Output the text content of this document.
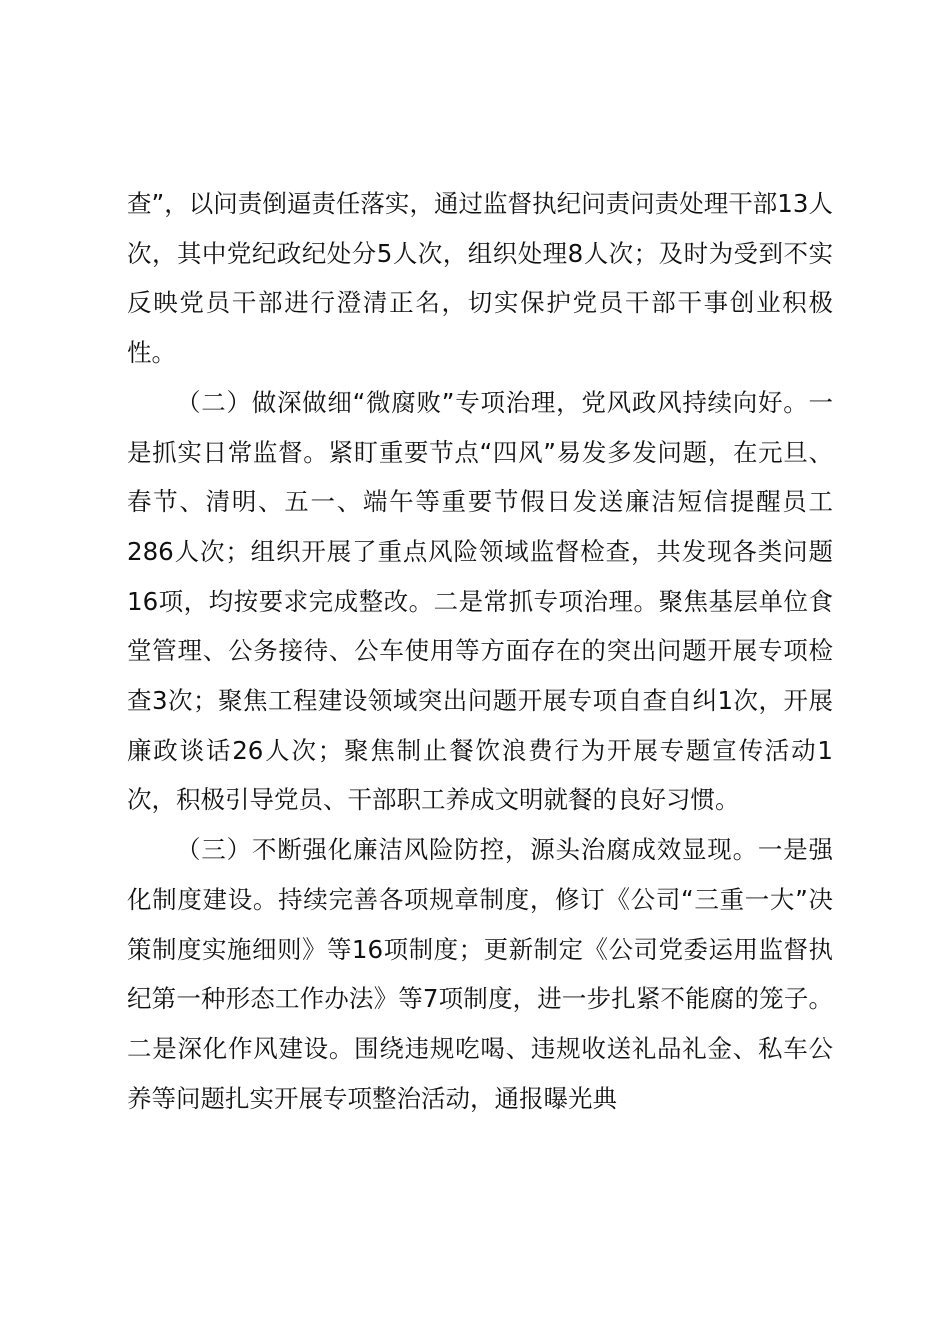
查”，以问责倒逼责任落实，通过监督执纪问责问责处理干部13人次，其中党纪政纪处分5人次，组织处理8人次；及时为受到不实反映党员干部进行澄清正名，切实保护党员干部干事创业积极性。

（二）做深做细“微腐败”专项治理，党风政风持续向好。一是抓实日常监督。紧盯重要节点“四风”易发多发问题，在元旦、春节、清明、五一、端午等重要节假日发送廉洁短信提醒员工286人次；组织开展了重点风险领域监督检查，共发现各类问题16项，均按要求完成整改。二是常抓专项治理。聚焦基层单位食堂管理、公务接待、公车使用等方面存在的突出问题开展专项检查3次；聚焦工程建设领域突出问题开展专项自查自纠1次，开展廉政谈话26人次；聚焦制止餐饮浪费行为开展专题宣传活动1次，积极引导党员、干部职工养成文明就餐的良好习惯。

（三）不断强化廉洁风险防控，源头治腐成效显现。一是强化制度建设。持续完善各项规章制度，修订《公司“三重一大”决策制度实施细则》等16项制度；更新制定《公司党委运用监督执纪第一种形态工作办法》等7项制度，进一步扎紧不能腐的笼子。二是深化作风建设。围绕违规吃喝、违规收送礼品礼金、私车公养等问题扎实开展专项整治活动，通报曝光典
